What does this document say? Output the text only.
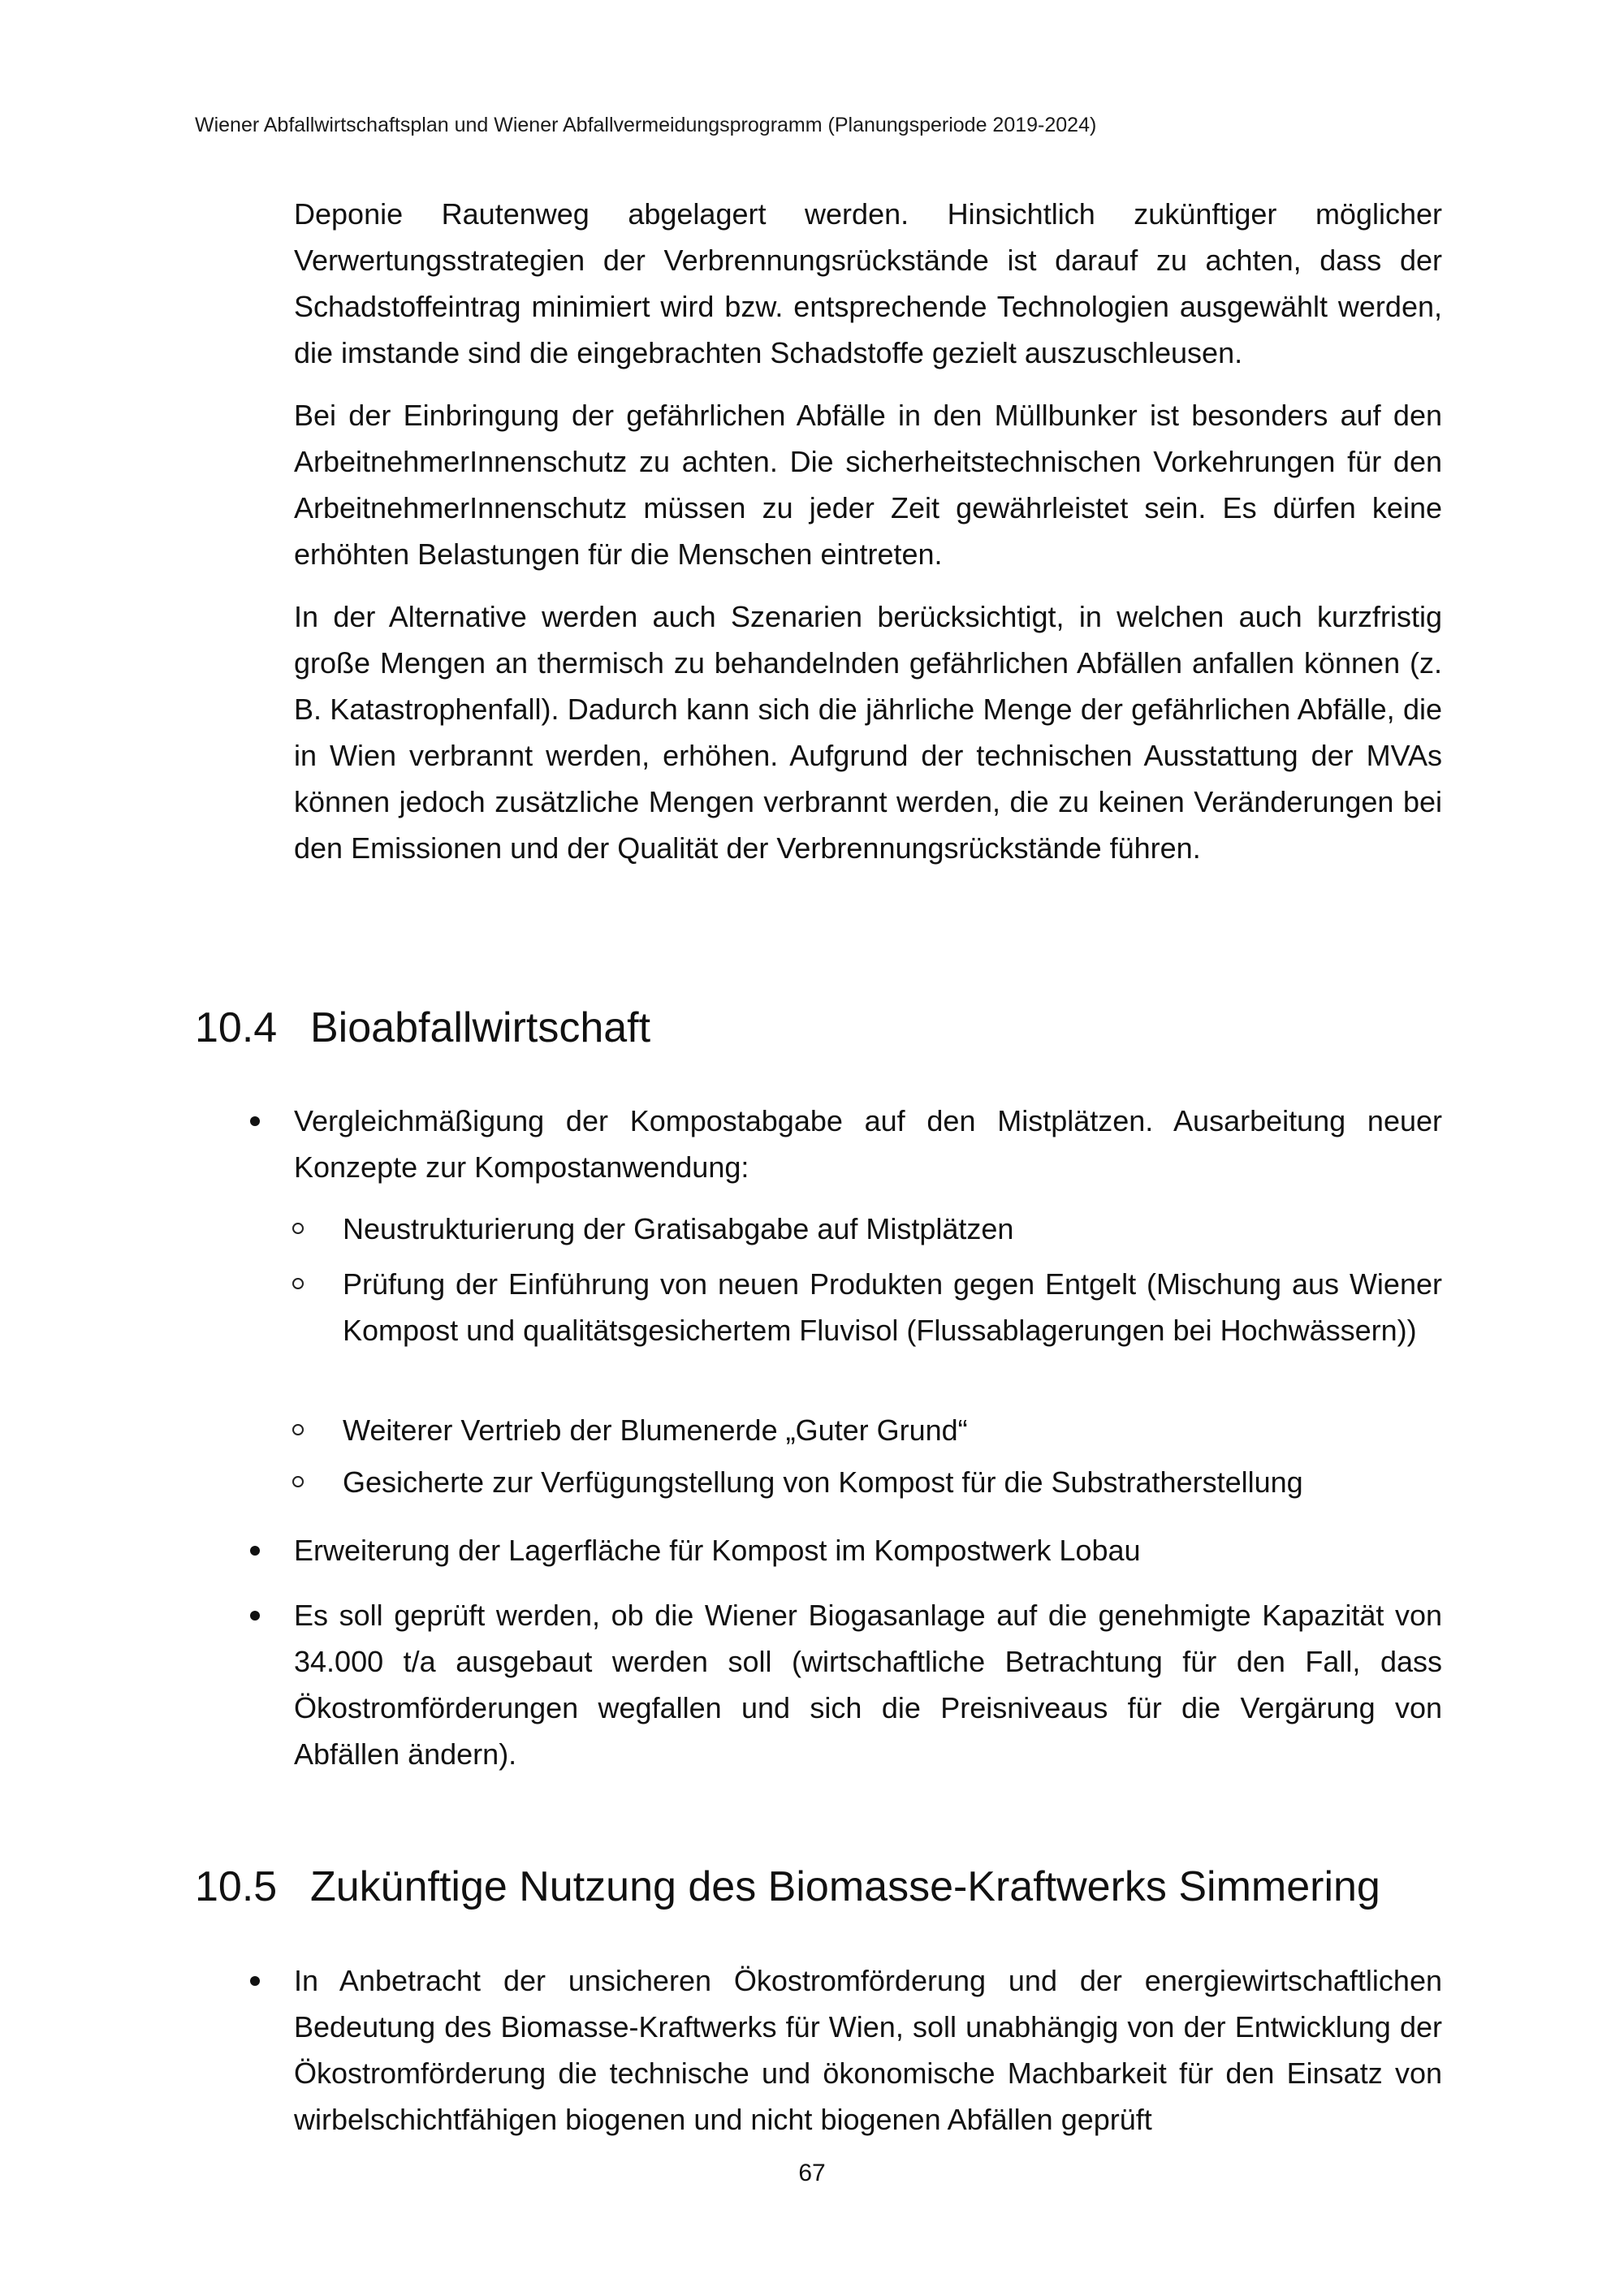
Wiener Abfallwirtschaftsplan und Wiener Abfallvermeidungsprogramm (Planungsperiode 2019-2024)

Deponie Rautenweg abgelagert werden. Hinsichtlich zukünftiger möglicher Verwertungsstrategien der Verbrennungsrückstände ist darauf zu achten, dass der Schadstoffeintrag minimiert wird bzw. entsprechende Technologien ausgewählt werden, die imstande sind die eingebrachten Schadstoffe gezielt auszuschleusen.

Bei der Einbringung der gefährlichen Abfälle in den Müllbunker ist besonders auf den ArbeitnehmerInnenschutz zu achten. Die sicherheitstechnischen Vorkehrungen für den ArbeitnehmerInnenschutz müssen zu jeder Zeit gewährleistet sein. Es dürfen keine erhöhten Belastungen für die Menschen eintreten.

In der Alternative werden auch Szenarien berücksichtigt, in welchen auch kurzfristig große Mengen an thermisch zu behandelnden gefährlichen Abfällen anfallen können (z. B. Katastrophenfall). Dadurch kann sich die jährliche Menge der gefährlichen Abfälle, die in Wien verbrannt werden, erhöhen. Aufgrund der technischen Ausstattung der MVAs können jedoch zusätzliche Mengen verbrannt werden, die zu keinen Veränderungen bei den Emissionen und der Qualität der Verbrennungsrückstände führen.

10.4 Bioabfallwirtschaft

Vergleichmäßigung der Kompostabgabe auf den Mistplätzen. Ausarbeitung neuer Konzepte zur Kompostanwendung:

Neustrukturierung der Gratisabgabe auf Mistplätzen

Prüfung der Einführung von neuen Produkten gegen Entgelt (Mischung aus Wiener Kompost und qualitätsgesichertem Fluvisol (Flussablagerungen bei Hochwässern))

Weiterer Vertrieb der Blumenerde „Guter Grund“

Gesicherte zur Verfügungstellung von Kompost für die Substratherstellung

Erweiterung der Lagerfläche für Kompost im Kompostwerk Lobau

Es soll geprüft werden, ob die Wiener Biogasanlage auf die genehmigte Kapazität von 34.000 t/a ausgebaut werden soll (wirtschaftliche Betrachtung für den Fall, dass Ökostromförderungen wegfallen und sich die Preisniveaus für die Vergärung von Abfällen ändern).

10.5 Zukünftige Nutzung des Biomasse-Kraftwerks Simmering

In Anbetracht der unsicheren Ökostromförderung und der energiewirtschaftlichen Bedeutung des Biomasse-Kraftwerks für Wien, soll unabhängig von der Entwicklung der Ökostromförderung die technische und ökonomische Machbarkeit für den Einsatz von wirbelschichtfähigen biogenen und nicht biogenen Abfällen geprüft

67
